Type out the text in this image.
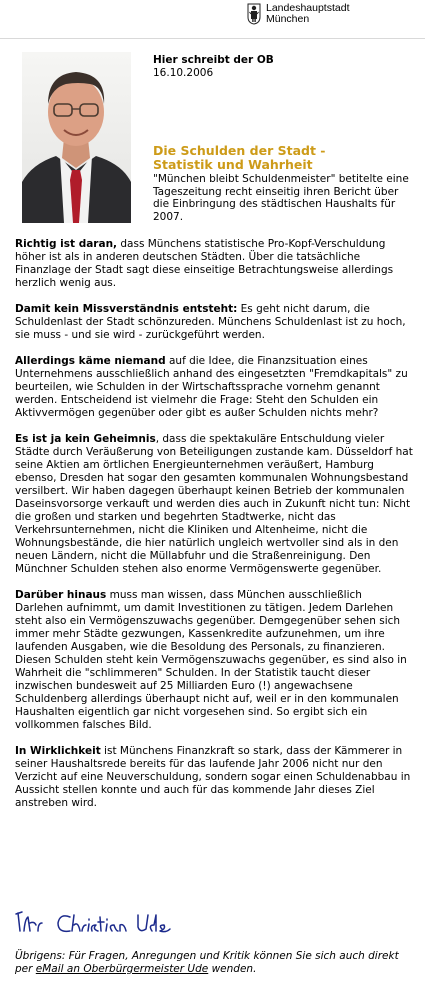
Landeshauptstadt
München
Hier schreibt der OB
16.10.2006
Die Schulden der Stadt -
Statistik und Wahrheit

"München bleibt Schuldenmeister" betitelte eine Tageszeitung recht einseitig ihren Bericht über die Einbringung des städtischen Haushalts für 2007.

Richtig ist daran, dass Münchens statistische Pro-Kopf-Verschuldung höher ist als in anderen deutschen Städten. Über die tatsächliche Finanzlage der Stadt sagt diese einseitige Betrachtungsweise allerdings herzlich wenig aus.

Damit kein Missverständnis entsteht: Es geht nicht darum, die Schuldenlast der Stadt schönzureden. Münchens Schuldenlast ist zu hoch, sie muss - und sie wird - zurückgeführt werden.

Allerdings käme niemand auf die Idee, die Finanzsituation eines Unternehmens ausschließlich anhand des eingesetzten "Fremdkapitals" zu beurteilen, wie Schulden in der Wirtschaftssprache vornehm genannt werden. Entscheidend ist vielmehr die Frage: Steht den Schulden ein Aktivvermögen gegenüber oder gibt es außer Schulden nichts mehr?

Es ist ja kein Geheimnis, dass die spektakuläre Entschuldung vieler Städte durch Veräußerung von Beteiligungen zustande kam. Düsseldorf hat seine Aktien am örtlichen Energieunternehmen veräußert, Hamburg ebenso, Dresden hat sogar den gesamten kommunalen Wohnungsbestand versilbert. Wir haben dagegen überhaupt keinen Betrieb der kommunalen Daseinsvorsorge verkauft und werden dies auch in Zukunft nicht tun: Nicht die großen und starken und begehrten Stadtwerke, nicht das Verkehrsunternehmen, nicht die Kliniken und Altenheime, nicht die Wohnungsbestände, die hier natürlich ungleich wertvoller sind als in den neuen Ländern, nicht die Müllabfuhr und die Straßenreinigung. Den Münchner Schulden stehen also enorme Vermögenswerte gegenüber.

Darüber hinaus muss man wissen, dass München ausschließlich Darlehen aufnimmt, um damit Investitionen zu tätigen. Jedem Darlehen steht also ein Vermögenszuwachs gegenüber. Demgegenüber sehen sich immer mehr Städte gezwungen, Kassenkredite aufzunehmen, um ihre laufenden Ausgaben, wie die Besoldung des Personals, zu finanzieren. Diesen Schulden steht kein Vermögenszuwachs gegenüber, es sind also in Wahrheit die "schlimmeren" Schulden. In der Statistik taucht dieser inzwischen bundesweit auf 25 Milliarden Euro (!) angewachsene Schuldenberg allerdings überhaupt nicht auf, weil er in den kommunalen Haushalten eigentlich gar nicht vorgesehen sind. So ergibt sich ein vollkommen falsches Bild.

In Wirklichkeit ist Münchens Finanzkraft so stark, dass der Kämmerer in seiner Haushaltsrede bereits für das laufende Jahr 2006 nicht nur den Verzicht auf eine Neuverschuldung, sondern sogar einen Schuldenabbau in Aussicht stellen konnte und auch für das kommende Jahr dieses Ziel anstreben wird.

Übrigens: Für Fragen, Anregungen und Kritik können Sie sich auch direkt per eMail an Oberbürgermeister Ude wenden.
